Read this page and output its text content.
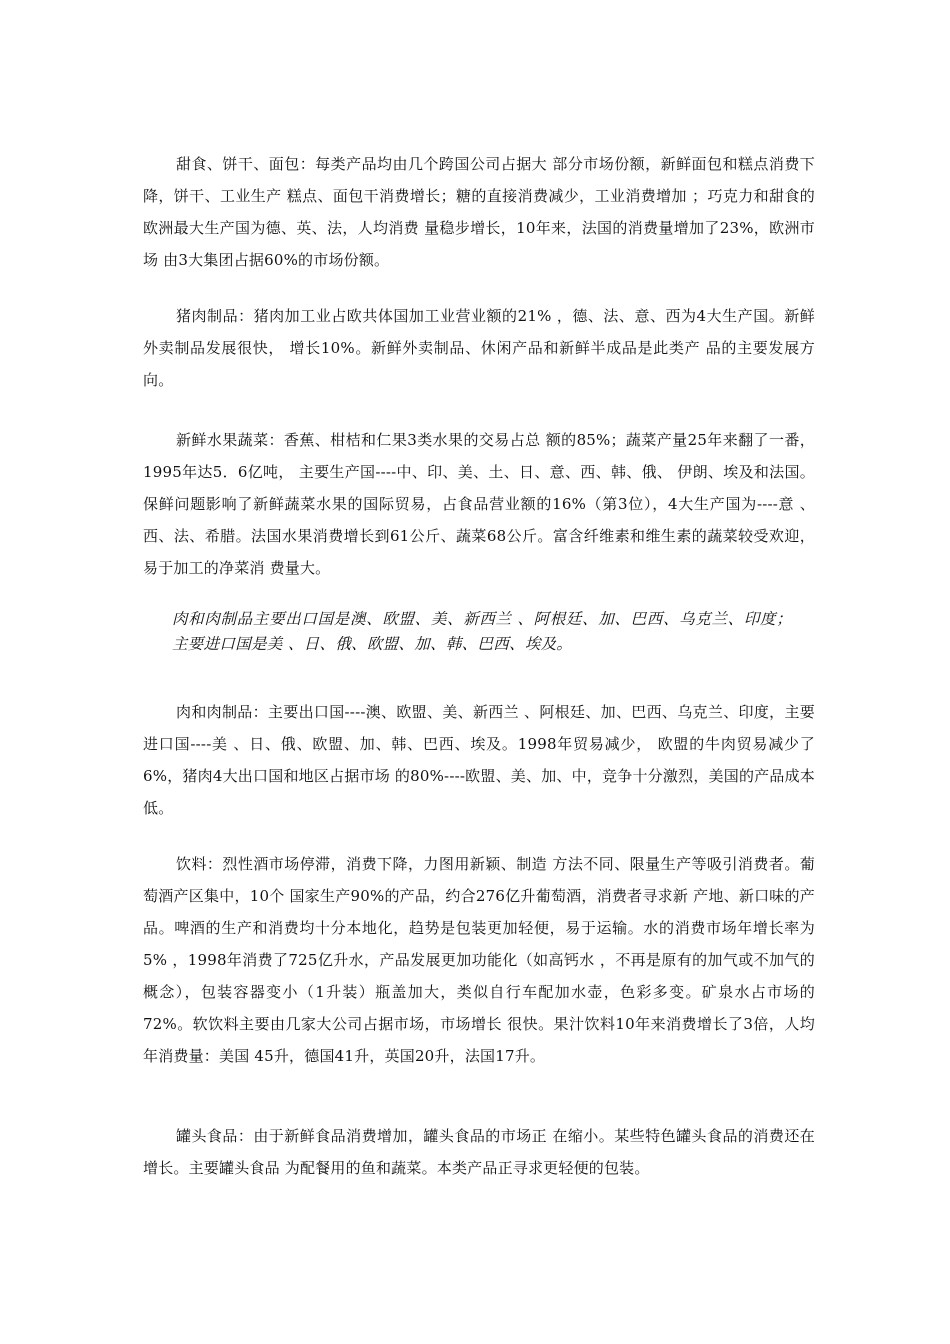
甜食、饼干、面包：每类产品均由几个跨国公司占据大 部分市场份额，新鲜面包和糕点消费下降，饼干、工业生产 糕点、面包干消费增长；糖的直接消费减少，工业消费增加 ；巧克力和甜食的欧洲最大生产国为德、英、法，人均消费 量稳步增长，10年来，法国的消费量增加了23%，欧洲市场 由3大集团占据60%的市场份额。

猪肉制品：猪肉加工业占欧共体国加工业营业额的21% ，德、法、意、西为4大生产国。新鲜外卖制品发展很快， 增长10%。新鲜外卖制品、休闲产品和新鲜半成品是此类产 品的主要发展方向。

新鲜水果蔬菜：香蕉、柑桔和仁果3类水果的交易占总 额的85%；蔬菜产量25年来翻了一番，1995年达5．6亿吨， 主要生产国----中、印、美、土、日、意、西、韩、俄、 伊朗、埃及和法国。保鲜问题影响了新鲜蔬菜水果的国际贸易，占食品营业额的16%（第3位），4大生产国为----意 、西、法、希腊。法国水果消费增长到61公斤、蔬菜68公斤。富含纤维素和维生素的蔬菜较受欢迎，易于加工的净菜消 费量大。

肉和肉制品主要出口国是澳、欧盟、美、新西兰 、阿根廷、加、巴西、乌克兰、印度；主要进口国是美 、日、俄、欧盟、加、韩、巴西、埃及。

肉和肉制品：主要出口国----澳、欧盟、美、新西兰 、阿根廷、加、巴西、乌克兰、印度，主要进口国----美 、日、俄、欧盟、加、韩、巴西、埃及。1998年贸易减少， 欧盟的牛肉贸易减少了6%，猪肉4大出口国和地区占据市场 的80%----欧盟、美、加、中，竞争十分激烈，美国的产品成本低。

饮料：烈性酒市场停滞，消费下降，力图用新颖、制造 方法不同、限量生产等吸引消费者。葡萄酒产区集中，10个 国家生产90%的产品，约合276亿升葡萄酒，消费者寻求新 产地、新口味的产品。啤酒的生产和消费均十分本地化，趋势是包装更加轻便，易于运输。水的消费市场年增长率为5% ，1998年消费了725亿升水，产品发展更加功能化（如高钙水 ，不再是原有的加气或不加气的概念），包装容器变小（1升装）瓶盖加大，类似自行车配加水壶，色彩多变。矿泉水占市场的72%。软饮料主要由几家大公司占据市场，市场增长 很快。果汁饮料10年来消费增长了3倍，人均年消费量：美国 45升，德国41升，英国20升，法国17升。

罐头食品：由于新鲜食品消费增加，罐头食品的市场正 在缩小。某些特色罐头食品的消费还在增长。主要罐头食品 为配餐用的鱼和蔬菜。本类产品正寻求更轻便的包装。
